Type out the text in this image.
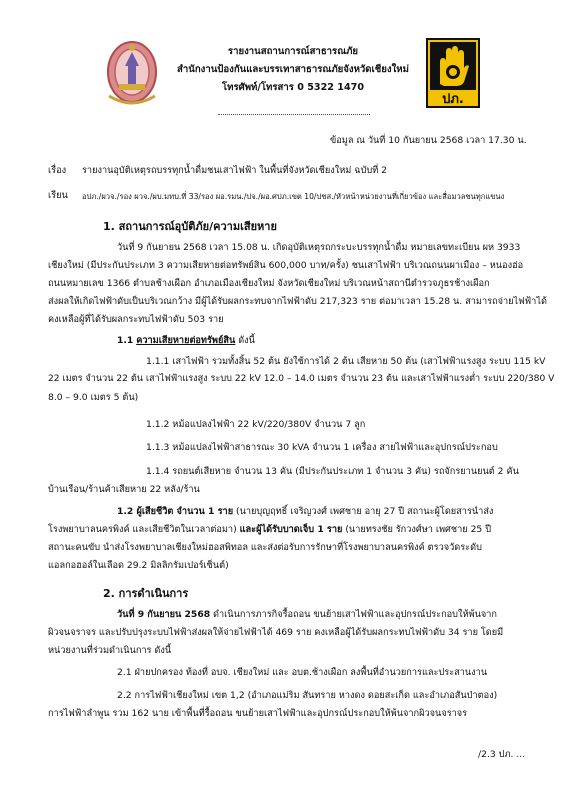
รายงานสถานการณ์สาธารณภัย
สำนักงานป้องกันและบรรเทาสาธารณภัยจังหวัดเชียงใหม่
โทรศัพท์/โทรสาร 0 5322 1470
ปภ.
ข้อมูล ณ วันที่ 10 กันยายน 2568 เวลา 17.30 น.
เรื่อง รายงานอุบัติเหตุรถบรรทุกน้ำดื่มชนเสาไฟฟ้า ในพื้นที่จังหวัดเชียงใหม่ ฉบับที่ 2
เรียน อปภ./ผวจ./รอง ผวจ./ผบ.มทบ.ที่ 33/รอง ผอ.รมน./ปจ./ผอ.ศปภ.เขต 10/ปชส./หัวหน้าหน่วยงานที่เกี่ยวข้อง และสื่อมวลชนทุกแขนง
1. สถานการณ์อุบัติภัย/ความเสียหาย
วันที่ 9 กันยายน 2568 เวลา 15.08 น. เกิดอุบัติเหตุรถกระบะบรรทุกน้ำดื่ม หมายเลขทะเบียน ผห 3933
เชียงใหม่ (มีประกันประเภท 3 ความเสียหายต่อทรัพย์สิน 600,000 บาท/ครั้ง) ชนเสาไฟฟ้า บริเวณถนนผาเมือง – หนองฮ่อ
ถนนหมายเลข 1366 ตำบลช้างเผือก อำเภอเมืองเชียงใหม่ จังหวัดเชียงใหม่ บริเวณหน้าสถานีตำรวจภูธรช้างเผือก
ส่งผลให้เกิดไฟฟ้าดับเป็นบริเวณกว้าง มีผู้ได้รับผลกระทบจากไฟฟ้าดับ 217,323 ราย ต่อมาเวลา 15.28 น. สามารถจ่ายไฟฟ้าได้
คงเหลือผู้ที่ได้รับผลกระทบไฟฟ้าดับ 503 ราย
1.1 ความเสียหายต่อทรัพย์สิน ดังนี้
1.1.1 เสาไฟฟ้า รวมทั้งสิ้น 52 ต้น ยังใช้การได้ 2 ต้น เสียหาย 50 ต้น (เสาไฟฟ้าแรงสูง ระบบ 115 kV
22 เมตร จำนวน 22 ต้น เสาไฟฟ้าแรงสูง ระบบ 22 kV 12.0 – 14.0 เมตร จำนวน 23 ต้น และเสาไฟฟ้าแรงต่ำ ระบบ 220/380 V
8.0 – 9.0 เมตร 5 ต้น)
1.1.2 หม้อแปลงไฟฟ้า 22 kV/220/380V จำนวน 7 ลูก
1.1.3 หม้อแปลงไฟฟ้าสาธารณะ 30 kVA จำนวน 1 เครื่อง สายไฟฟ้าและอุปกรณ์ประกอบ
1.1.4 รถยนต์เสียหาย จำนวน 13 คัน (มีประกันประเภท 1 จำนวน 3 คัน) รถจักรยานยนต์ 2 คัน
บ้านเรือน/ร้านค้าเสียหาย 22 หลัง/ร้าน
1.2 ผู้เสียชีวิต จำนวน 1 ราย (นายบุญฤทธิ์ เจริญวงศ์ เพศชาย อายุ 27 ปี สถานะผู้โดยสารนำส่ง
โรงพยาบาลนครพิงค์ และเสียชีวิตในเวลาต่อมา) และผู้ได้รับบาดเจ็บ 1 ราย (นายทรงชัย รักวงศ์ษา เพศชาย 25 ปี
สถานะคนขับ นำส่งโรงพยาบาลเชียงใหม่ฮอสพิทอล และส่งต่อรับการรักษาที่โรงพยาบาลนครพิงค์ ตรวจวัดระดับ
แอลกอฮอล์ในเลือด 29.2 มิลลิกรัมเปอร์เซ็นต์)
2. การดำเนินการ
วันที่ 9 กันยายน 2568 ดำเนินการภารกิจรื้อถอน ขนย้ายเสาไฟฟ้าและอุปกรณ์ประกอบให้พ้นจาก
ผิวจนจราจร และปรับปรุงระบบไฟฟ้าส่งผลให้จ่ายไฟฟ้าได้ 469 ราย คงเหลือผู้ได้รับผลกระทบไฟฟ้าดับ 34 ราย โดยมี
หน่วยงานที่ร่วมดำเนินการ ดังนี้
2.1 ฝ่ายปกครอง ท้องที่ อบจ. เชียงใหม่ และ อบต.ช้างเผือก ลงพื้นที่อำนวยการและประสานงาน
2.2 การไฟฟ้าเชียงใหม่ เขต 1,2 (อำเภอแม่ริม สันทราย หางดง ดอยสะเก็ด และอำเภอสันป่าตอง)
การไฟฟ้าลำพูน รวม 162 นาย เข้าพื้นที่รื้อถอน ขนย้ายเสาไฟฟ้าและอุปกรณ์ประกอบให้พ้นจากผิวจนจราจร
/2.3 ปภ. ...
